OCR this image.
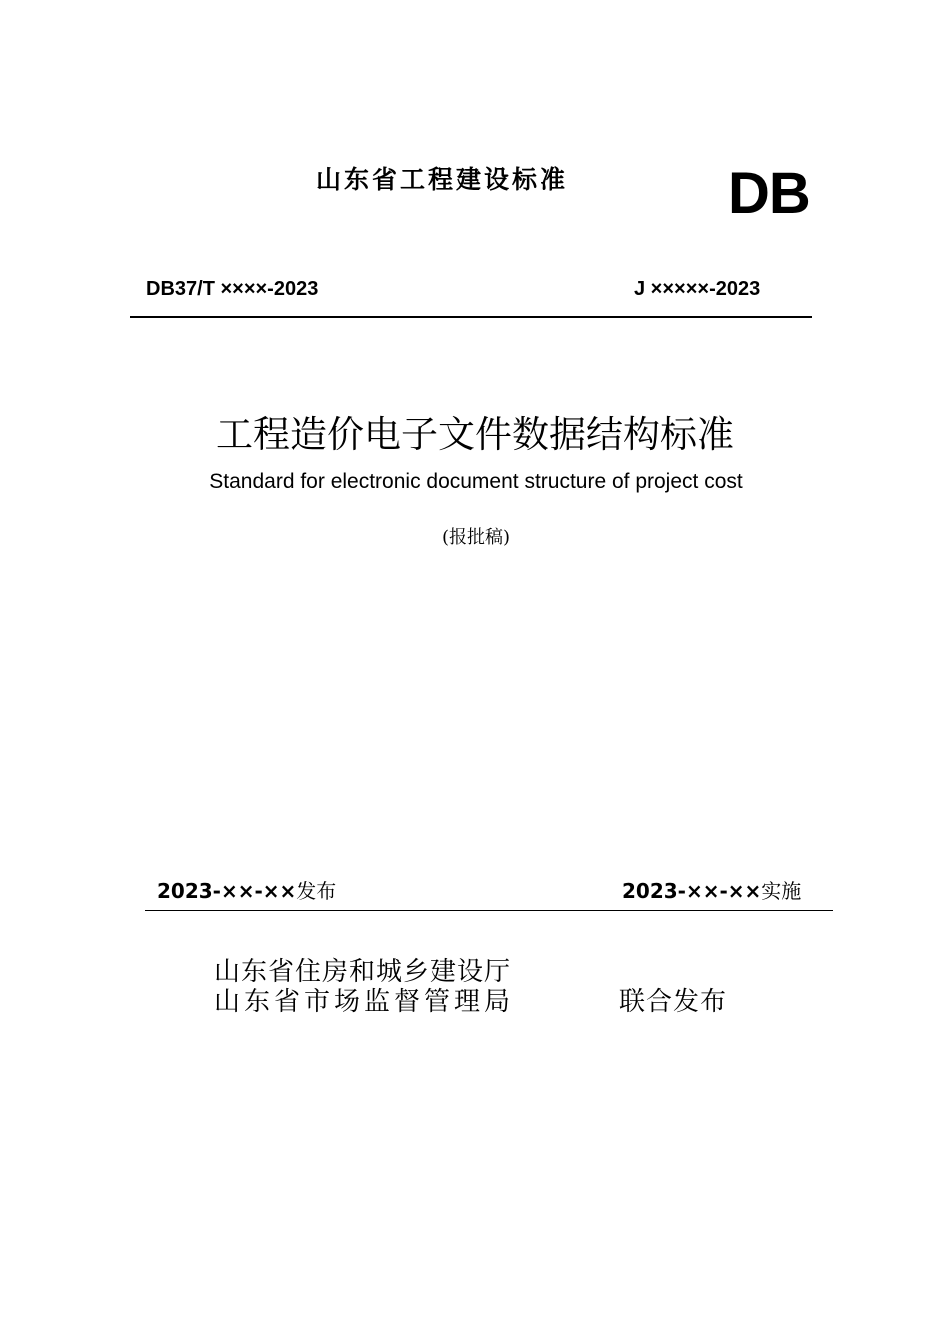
山东省工程建设标准	DB
DB37/T ××××-2023	J ×××××-2023
工程造价电子文件数据结构标准
Standard for electronic document structure of project cost
(报批稿)
2023-××-××发布	2023-××-××实施
山东省住房和城乡建设厅
山东省市场监督管理局	联合发布
